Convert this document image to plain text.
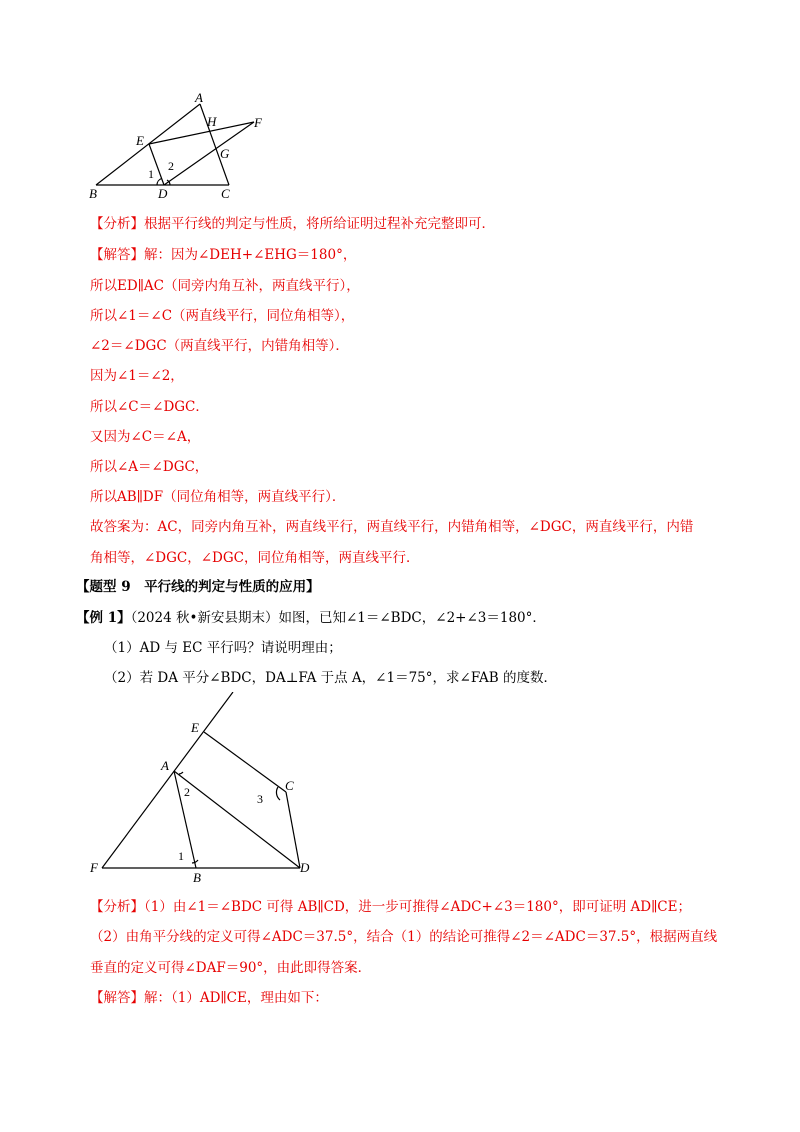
A
B	C
D
E
F
G
H
1
2
【分析】根据平行线的判定与性质，将所给证明过程补充完整即可．
【解答】解：因为∠DEH+∠EHG＝180°，
所以ED∥AC（同旁内角互补，两直线平行），
所以∠1＝∠C（两直线平行，同位角相等），
∠2＝∠DGC（两直线平行，内错角相等）．
因为∠1＝∠2，
所以∠C＝∠DGC．
又因为∠C＝∠A，
所以∠A＝∠DGC，
所以AB∥DF（同位角相等，两直线平行）．
故答案为：AC，同旁内角互补，两直线平行，两直线平行，内错角相等，∠DGC，两直线平行，内错
角相等，∠DGC，∠DGC，同位角相等，两直线平行．
【题型 9　平行线的判定与性质的应用】
【例 1】（2024 秋•新安县期末）如图，已知∠1＝∠BDC，∠2+∠3＝180°．
（1）AD 与 EC 平行吗？请说明理由；
（2）若 DA 平分∠BDC，DA⊥FA 于点 A，∠1＝75°，求∠FAB 的度数．
E
A
C
F
B
D
2
1
3
【分析】（1）由∠1＝∠BDC 可得 AB∥CD，进一步可推得∠ADC+∠3＝180°，即可证明 AD∥CE；
（2）由角平分线的定义可得∠ADC＝37.5°，结合（1）的结论可推得∠2＝∠ADC＝37.5°，根据两直线
垂直的定义可得∠DAF＝90°，由此即得答案．
【解答】解：（1）AD∥CE，理由如下：
